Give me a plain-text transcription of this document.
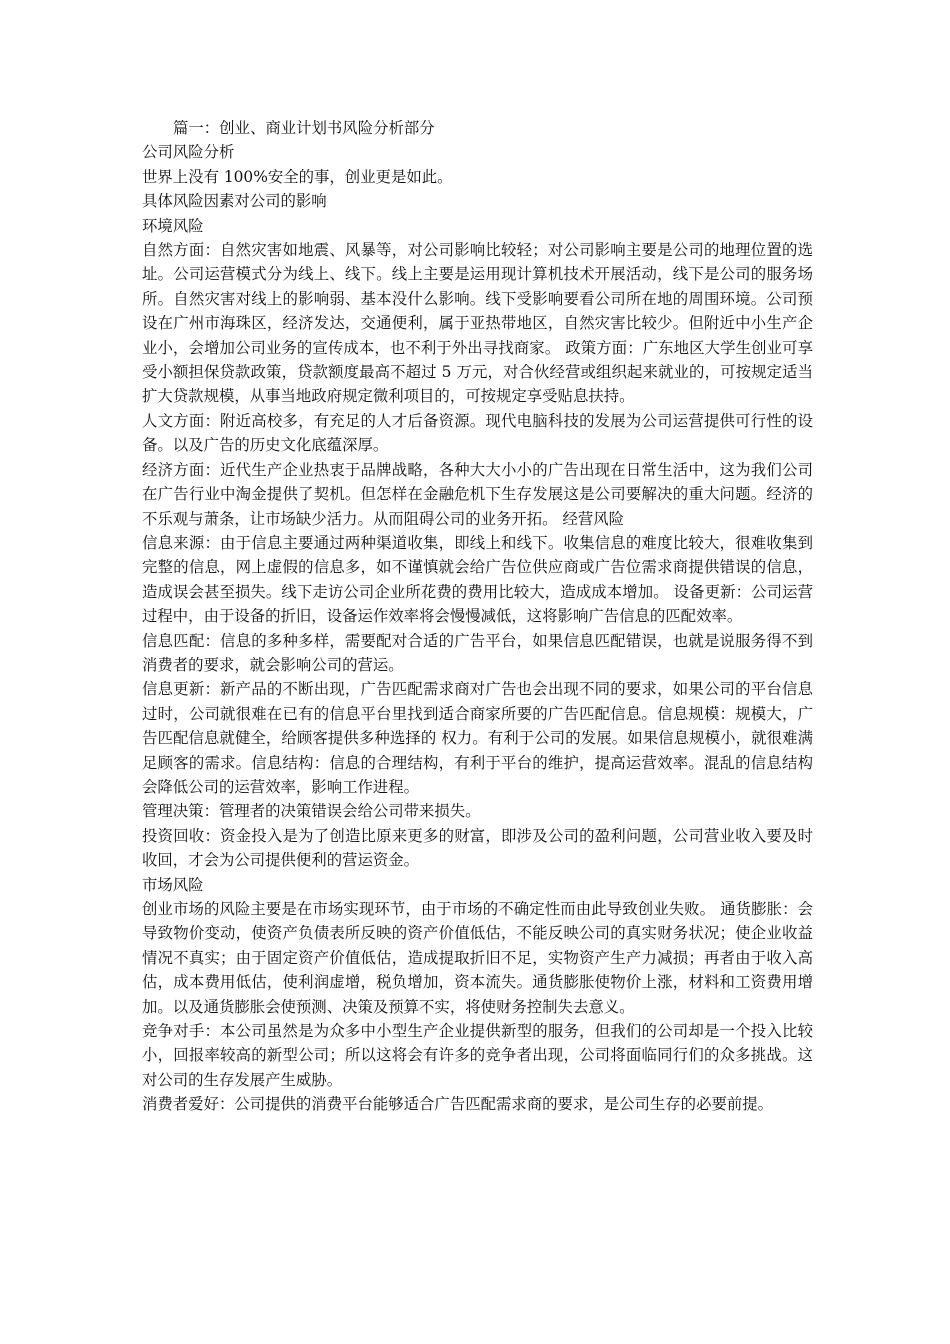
篇一：创业、商业计划书风险分析部分

公司风险分析

世界上没有 100%安全的事，创业更是如此。

具体风险因素对公司的影响

环境风险

自然方面：自然灾害如地震、风暴等，对公司影响比较轻；对公司影响主要是公司的地理位置的选址。公司运营模式分为线上、线下。线上主要是运用现计算机技术开展活动，线下是公司的服务场所。自然灾害对线上的影响弱、基本没什么影响。线下受影响要看公司所在地的周围环境。公司预设在广州市海珠区，经济发达，交通便利，属于亚热带地区，自然灾害比较少。但附近中小生产企业小，会增加公司业务的宣传成本，也不利于外出寻找商家。 政策方面：广东地区大学生创业可享受小额担保贷款政策，贷款额度最高不超过 5 万元，对合伙经营或组织起来就业的，可按规定适当扩大贷款规模，从事当地政府规定微利项目的，可按规定享受贴息扶持。

人文方面：附近高校多，有充足的人才后备资源。现代电脑科技的发展为公司运营提供可行性的设备。以及广告的历史文化底蕴深厚。

经济方面：近代生产企业热衷于品牌战略，各种大大小小的广告出现在日常生活中，这为我们公司在广告行业中淘金提供了契机。但怎样在金融危机下生存发展这是公司要解决的重大问题。经济的不乐观与萧条，让市场缺少活力。从而阻碍公司的业务开拓。 经营风险

信息来源：由于信息主要通过两种渠道收集，即线上和线下。收集信息的难度比较大，很难收集到完整的信息，网上虚假的信息多，如不谨慎就会给广告位供应商或广告位需求商提供错误的信息，造成误会甚至损失。线下走访公司企业所花费的费用比较大，造成成本增加。 设备更新：公司运营过程中，由于设备的折旧，设备运作效率将会慢慢减低，这将影响广告信息的匹配效率。

信息匹配：信息的多种多样，需要配对合适的广告平台，如果信息匹配错误，也就是说服务得不到消费者的要求，就会影响公司的营运。

信息更新：新产品的不断出现，广告匹配需求商对广告也会出现不同的要求，如果公司的平台信息过时，公司就很难在已有的信息平台里找到适合商家所要的广告匹配信息。信息规模：规模大，广告匹配信息就健全，给顾客提供多种选择的 权力。有利于公司的发展。如果信息规模小，就很难满足顾客的需求。信息结构：信息的合理结构，有利于平台的维护，提高运营效率。混乱的信息结构会降低公司的运营效率，影响工作进程。

管理决策：管理者的决策错误会给公司带来损失。

投资回收：资金投入是为了创造比原来更多的财富，即涉及公司的盈利问题，公司营业收入要及时收回，才会为公司提供便利的营运资金。

市场风险

创业市场的风险主要是在市场实现环节，由于市场的不确定性而由此导致创业失败。 通货膨胀：会导致物价变动，使资产负债表所反映的资产价值低估，不能反映公司的真实财务状况；使企业收益情况不真实；由于固定资产价值低估，造成提取折旧不足，实物资产生产力减损；再者由于收入高估，成本费用低估，使利润虚增，税负增加，资本流失。通货膨胀使物价上涨，材料和工资费用增加。以及通货膨胀会使预测、决策及预算不实，将使财务控制失去意义。

竞争对手：本公司虽然是为众多中小型生产企业提供新型的服务，但我们的公司却是一个投入比较小，回报率较高的新型公司；所以这将会有许多的竞争者出现，公司将面临同行们的众多挑战。这对公司的生存发展产生威胁。

消费者爱好：公司提供的消费平台能够适合广告匹配需求商的要求，是公司生存的必要前提。
